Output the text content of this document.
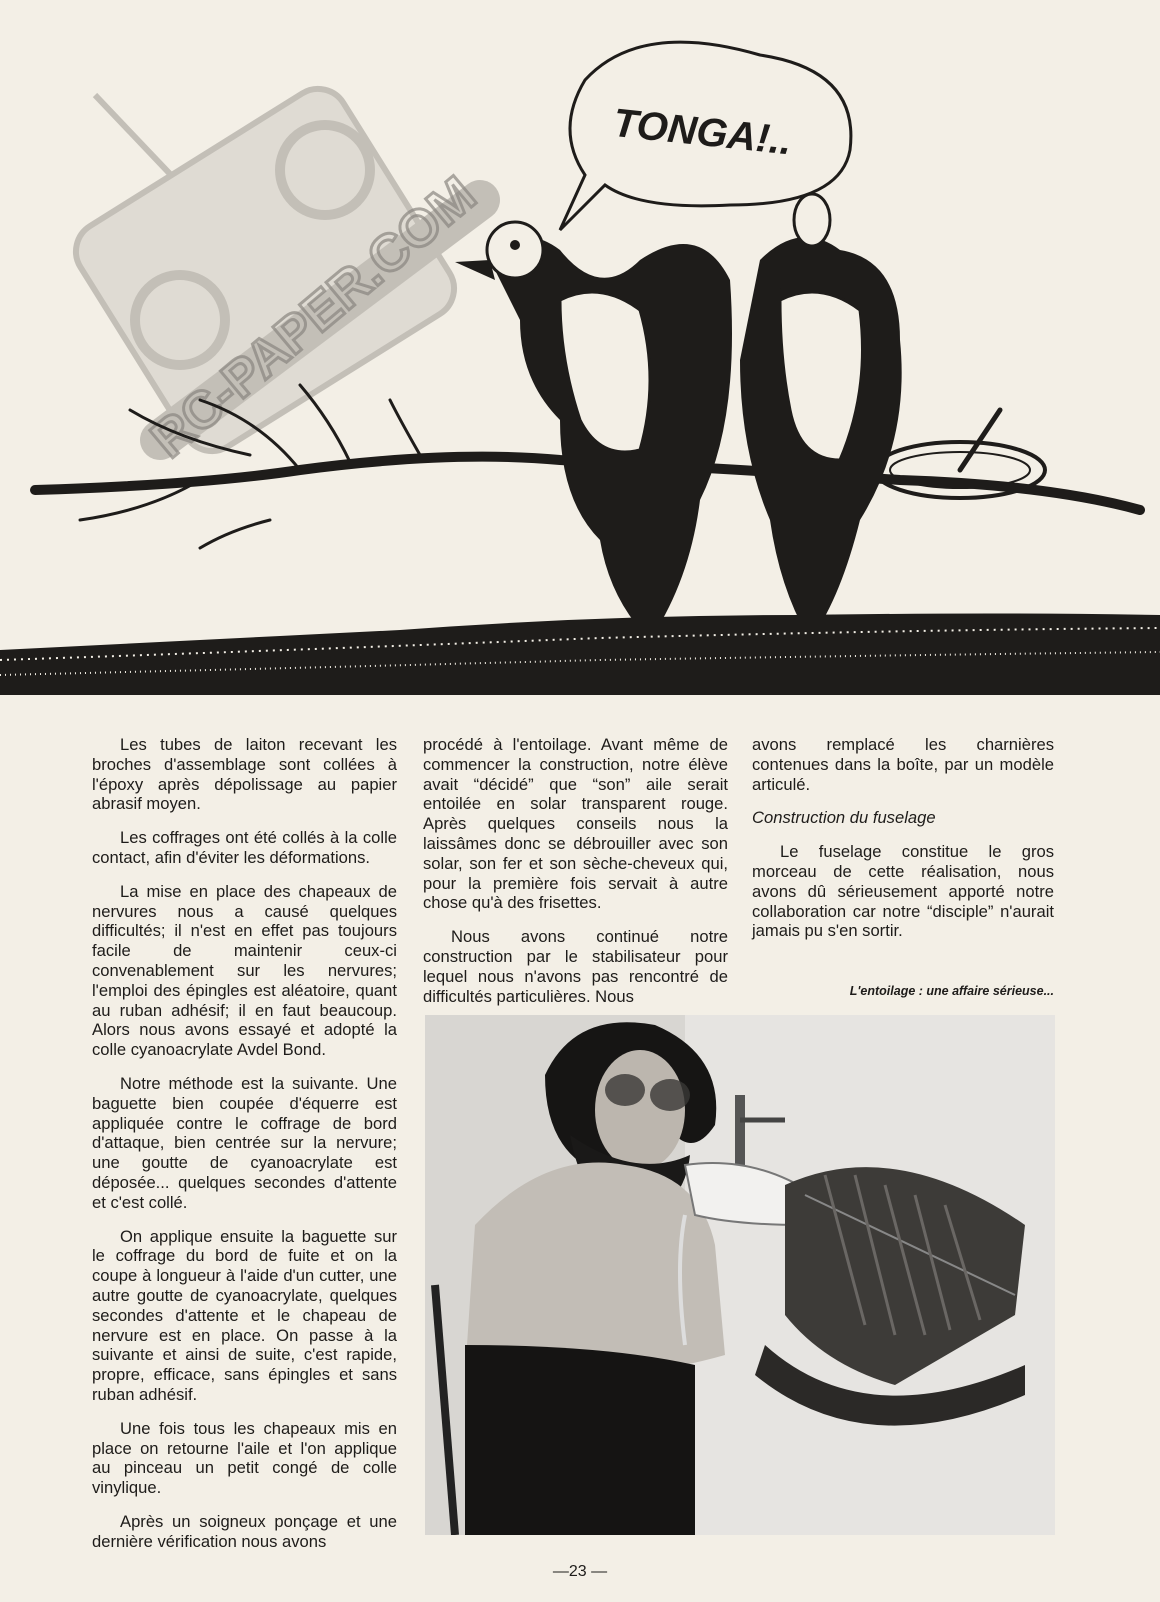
RC-PAPER.COM
TONGA!..

Les tubes de laiton recevant les broches d'assemblage sont collées à l'époxy après dépolissage au papier abrasif moyen.

Les coffrages ont été collés à la colle contact, afin d'éviter les déformations.

La mise en place des chapeaux de nervures nous a causé quelques difficultés; il n'est en effet pas toujours facile de maintenir ceux-ci convenablement sur les nervures; l'emploi des épingles est aléatoire, quant au ruban adhésif; il en faut beaucoup. Alors nous avons essayé et adopté la colle cyanoacrylate Avdel Bond.

Notre méthode est la suivante. Une baguette bien coupée d'équerre est appliquée contre le coffrage de bord d'attaque, bien centrée sur la nervure; une goutte de cyanoacrylate est déposée... quelques secondes d'attente et c'est collé.

On applique ensuite la baguette sur le coffrage du bord de fuite et on la coupe à longueur à l'aide d'un cutter, une autre goutte de cyanoacrylate, quelques secondes d'attente et le chapeau de nervure est en place. On passe à la suivante et ainsi de suite, c'est rapide, propre, efficace, sans épingles et sans ruban adhésif.

Une fois tous les chapeaux mis en place on retourne l'aile et l'on applique au pinceau un petit congé de colle vinylique.

Après un soigneux ponçage et une dernière vérification nous avons

procédé à l'entoilage. Avant même de commencer la construction, notre élève avait “décidé” que “son” aile serait entoilée en solar transparent rouge. Après quelques conseils nous la laissâmes donc se débrouiller avec son solar, son fer et son sèche-cheveux qui, pour la première fois servait à autre chose qu'à des frisettes.

Nous avons continué notre construction par le stabilisateur pour lequel nous n'avons pas rencontré de difficultés particulières. Nous

avons remplacé les charnières contenues dans la boîte, par un modèle articulé.

Construction du fuselage

Le fuselage constitue le gros morceau de cette réalisation, nous avons dû sérieusement apporté notre collaboration car notre “disciple” n'aurait jamais pu s'en sortir.

L'entoilage : une affaire sérieuse...
—23 —
